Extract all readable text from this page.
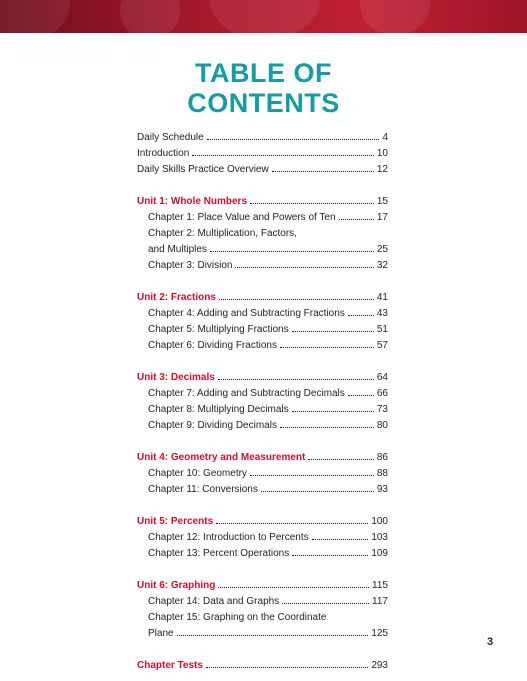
TABLE OF
CONTENTS
Daily Schedule	4
Introduction	10
Daily Skills Practice Overview	12
Unit 1: Whole Numbers	15
Chapter 1: Place Value and Powers of Ten	17
Chapter 2: Multiplication, Factors,
and Multiples	25
Chapter 3: Division	32
Unit 2: Fractions	41
Chapter 4: Adding and Subtracting Fractions	43
Chapter 5: Multiplying Fractions	51
Chapter 6: Dividing Fractions	57
Unit 3: Decimals	64
Chapter 7: Adding and Subtracting Decimals	66
Chapter 8: Multiplying Decimals	73
Chapter 9: Dividing Decimals	80
Unit 4: Geometry and Measurement	86
Chapter 10: Geometry	88
Chapter 11: Conversions	93
Unit 5: Percents	100
Chapter 12: Introduction to Percents	103
Chapter 13: Percent Operations	109
Unit 6: Graphing	115
Chapter 14: Data and Graphs	117
Chapter 15: Graphing on the Coordinate
Plane	125
Chapter Tests	293
3
